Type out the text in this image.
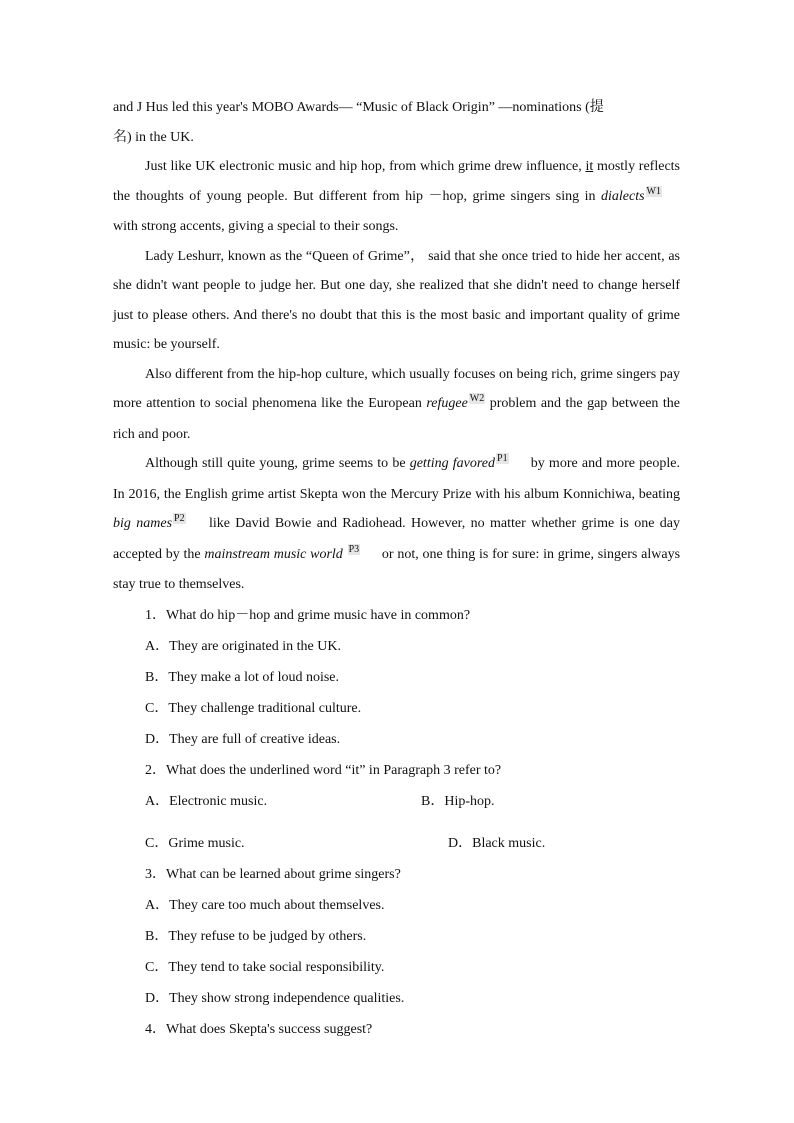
and J Hus led this year's MOBO Awards— “Music of Black Origin” —nominations (提
名) in the UK.

Just like UK electronic music and hip hop, from which grime drew influence, it mostly reflects the thoughts of young people. But different from hip －hop, grime singers sing in dialects $^{W1}$ with strong accents, giving a special to their songs.

Lady Leshurr, known as the “Queen of Grime”， said that she once tried to hide her accent, as she didn't want people to judge her. But one day, she realized that she didn't need to change herself just to please others. And there's no doubt that this is the most basic and important quality of grime music: be yourself.

Also different from the hip-hop culture, which usually focuses on being rich, grime singers pay more attention to social phenomena like the European refugee $^{W2}$ problem and the gap between the rich and poor.

Although still quite young, grime seems to be getting favored $^{P1}$ by more and more people. In 2016, the English grime artist Skepta won the Mercury Prize with his album Konnichiwa, beating big names $^{P2}$ like David Bowie and Radiohead. However, no matter whether grime is one day accepted by the mainstream music world $^{P3}$ or not, one thing is for sure: in grime, singers always stay true to themselves.

1．What do hip－hop and grime music have in common?

A．They are originated in the UK.

B．They make a lot of loud noise.

C．They challenge traditional culture.

D．They are full of creative ideas.

2．What does the underlined word “it” in Paragraph 3 refer to?

A．Electronic music.	B．Hip-hop.
C．Grime music.	D．Black music.

3．What can be learned about grime singers?

A．They care too much about themselves.

B．They refuse to be judged by others.

C．They tend to take social responsibility.

D．They show strong independence qualities.

4．What does Skepta's success suggest?
